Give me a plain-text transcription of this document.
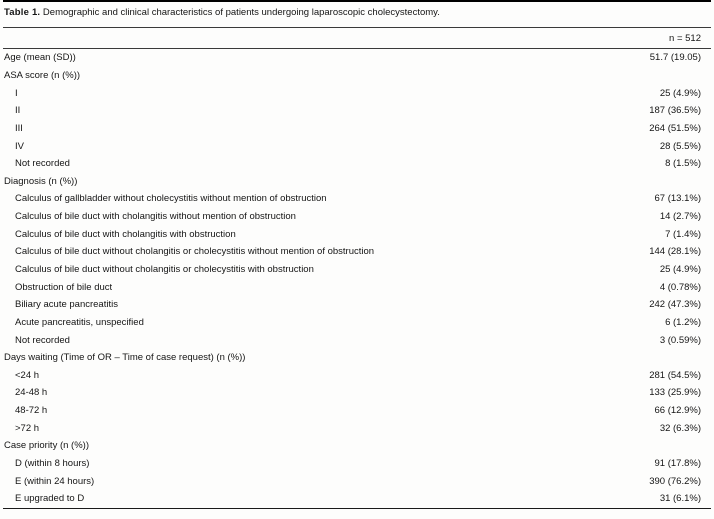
Table 1. Demographic and clinical characteristics of patients undergoing laparoscopic cholecystectomy.
n = 512
Age (mean (SD))	51.7 (19.05)
ASA score (n (%))
I	25 (4.9%)
II	187 (36.5%)
III	264 (51.5%)
IV	28 (5.5%)
Not recorded	8 (1.5%)
Diagnosis (n (%))
Calculus of gallbladder without cholecystitis without mention of obstruction	67 (13.1%)
Calculus of bile duct with cholangitis without mention of obstruction	14 (2.7%)
Calculus of bile duct with cholangitis with obstruction	7 (1.4%)
Calculus of bile duct without cholangitis or cholecystitis without mention of obstruction	144 (28.1%)
Calculus of bile duct without cholangitis or cholecystitis with obstruction	25 (4.9%)
Obstruction of bile duct	4 (0.78%)
Biliary acute pancreatitis	242 (47.3%)
Acute pancreatitis, unspecified	6 (1.2%)
Not recorded	3 (0.59%)
Days waiting (Time of OR – Time of case request) (n (%))
<24 h	281 (54.5%)
24-48 h	133 (25.9%)
48-72 h	66 (12.9%)
>72 h	32 (6.3%)
Case priority (n (%))
D (within 8 hours)	91 (17.8%)
E (within 24 hours)	390 (76.2%)
E upgraded to D	31 (6.1%)
